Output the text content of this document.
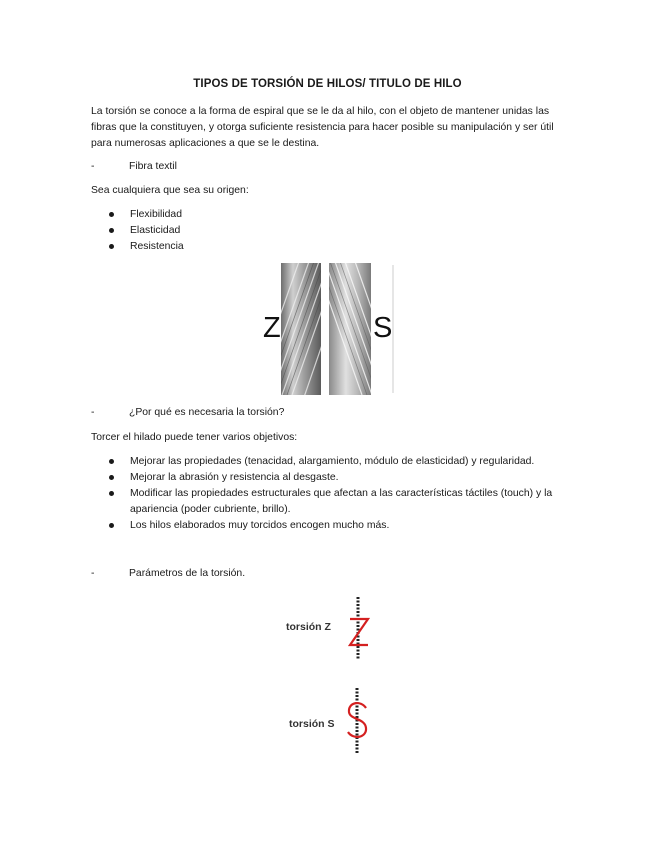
TIPOS DE TORSIÓN DE HILOS/ TITULO DE HILO
La torsión se conoce a la forma de espiral que se le da al hilo, con el objeto de mantener unidas las fibras que la constituyen, y otorga suficiente resistencia para hacer posible su manipulación y ser útil para numerosas aplicaciones a que se le destina.
-	Fibra textil
Sea cualquiera que sea su origen:
Flexibilidad
Elasticidad
Resistencia
Z	S
-	¿Por qué es necesaria la torsión?
Torcer el hilado puede tener varios objetivos:
Mejorar las propiedades (tenacidad, alargamiento, módulo de elasticidad) y regularidad.
Mejorar la abrasión y resistencia al desgaste.
Modificar las propiedades estructurales que afectan a las características táctiles (touch) y la apariencia (poder cubriente, brillo).
Los hilos elaborados muy torcidos encogen mucho más.
-	Parámetros de la torsión.
torsión Z
torsión S
